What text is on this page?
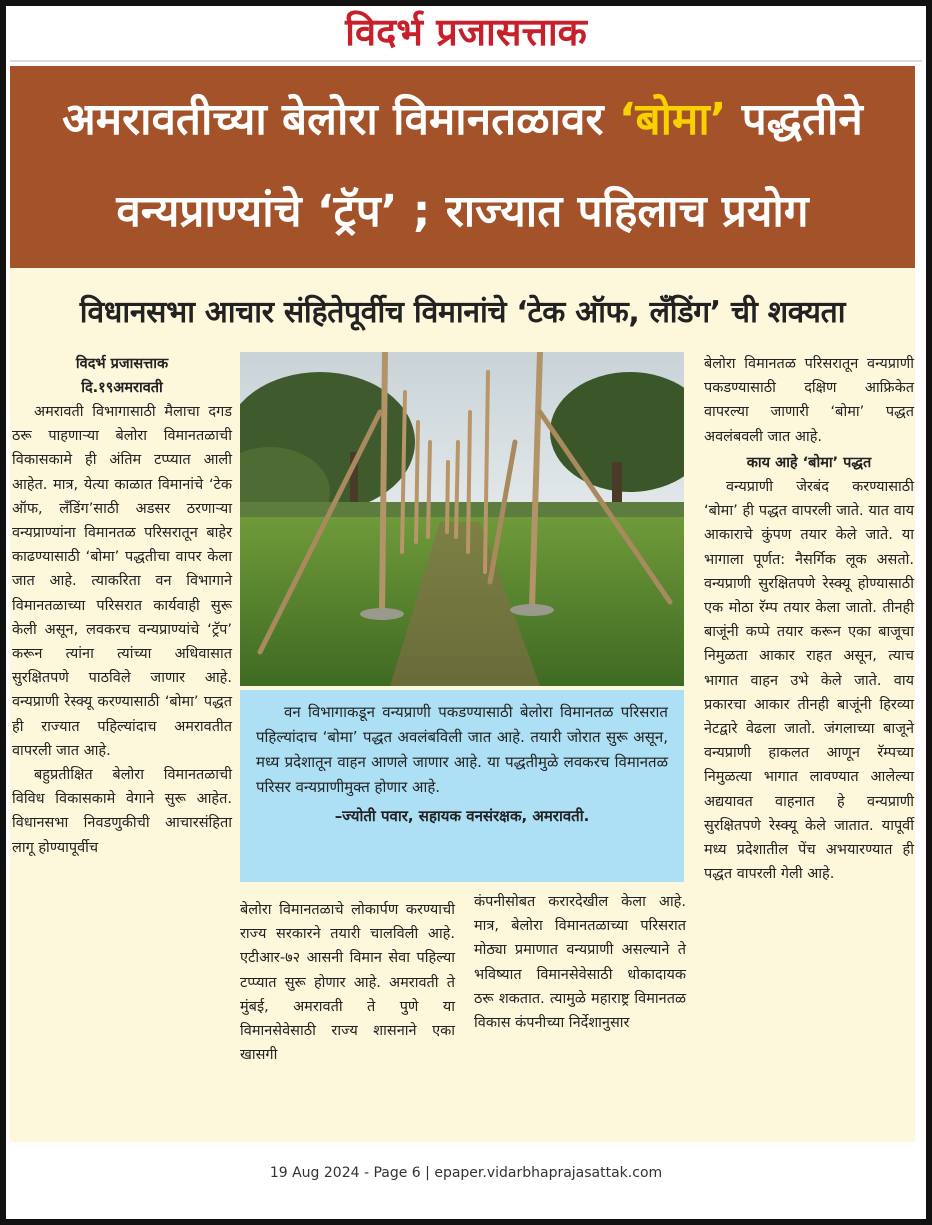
विदर्भ प्रजासत्ताक
अमरावतीच्या बेलोरा विमानतळावर ‘बोमा’ पद्धतीने
वन्यप्राण्यांचे ‘ट्रॅप’ ; राज्यात पहिलाच प्रयोग
विधानसभा आचार संहितेपूर्वीच विमानांचे ‘टेक ऑफ, लँडिंग’ ची शक्यता

विदर्भ प्रजासत्ताक

दि.१९अमरावती

अमरावती विभागासाठी मैलाचा दगड ठरू पाहणाऱ्या बेलोरा विमानतळाची विकासकामे ही अंतिम टप्प्यात आली आहेत. मात्र, येत्या काळात विमानांचे ‘टेक ऑफ, लँडिंग’साठी अडसर ठरणाऱ्या वन्यप्राण्यांना विमानतळ परिसरातून बाहेर काढण्यासाठी ‘बोमा’ पद्धतीचा वापर केला जात आहे. त्याकरिता वन विभागाने विमानतळाच्या परिसरात कार्यवाही सुरू केली असून, लवकरच वन्यप्राण्यांचे ‘ट्रॅप’ करून त्यांना त्यांच्या अधिवासात सुरक्षितपणे पाठविले जाणार आहे. वन्यप्राणी रेस्क्यू करण्यासाठी ‘बोमा’ पद्धत ही राज्यात पहिल्यांदाच अमरावतीत वापरली जात आहे.

बहुप्रतीक्षित बेलोरा विमानतळाची विविध विकासकामे वेगाने सुरू आहेत. विधानसभा निवडणुकीची आचारसंहिता लागू होण्यापूर्वीच

वन विभागाकडून वन्यप्राणी पकडण्यासाठी बेलोरा विमानतळ परिसरात पहिल्यांदाच ‘बोमा’ पद्धत अवलंबविली जात आहे. तयारी जोरात सुरू असून, मध्य प्रदेशातून वाहन आणले जाणार आहे. या पद्धतीमुळे लवकरच विमानतळ परिसर वन्यप्राणीमुक्त होणार आहे.

–ज्योती पवार, सहायक वनसंरक्षक, अमरावती.

बेलोरा विमानतळाचे लोकार्पण करण्याची राज्य सरकारने तयारी चालविली आहे. एटीआर-७२ आसनी विमान सेवा पहिल्या टप्प्यात सुरू होणार आहे. अमरावती ते मुंबई, अमरावती ते पुणे या विमानसेवेसाठी राज्य शासनाने एका खासगी

कंपनीसोबत करारदेखील केला आहे. मात्र, बेलोरा विमानतळाच्या परिसरात मोठ्या प्रमाणात वन्यप्राणी असल्याने ते भविष्यात विमानसेवेसाठी धोकादायक ठरू शकतात. त्यामुळे महाराष्ट्र विमानतळ विकास कंपनीच्या निर्देशानुसार

बेलोरा विमानतळ परिसरातून वन्यप्राणी पकडण्यासाठी दक्षिण आफ्रिकेत वापरल्या जाणारी ‘बोमा’ पद्धत अवलंबवली जात आहे.

काय आहे ‘बोमा’ पद्धत

वन्यप्राणी जेरबंद करण्यासाठी ‘बोमा’ ही पद्धत वापरली जाते. यात वाय आकाराचे कुंपण तयार केले जाते. या भागाला पूर्णत: नैसर्गिक लूक असतो. वन्यप्राणी सुरक्षितपणे रेस्क्यू होण्यासाठी एक मोठा रॅम्प तयार केला जातो. तीनही बाजूंनी कप्पे तयार करून एका बाजूचा निमुळता आकार राहत असून, त्याच भागात वाहन उभे केले जाते. वाय प्रकारचा आकार तीनही बाजूंनी हिरव्या नेटद्वारे वेढला जातो. जंगलाच्या बाजूने वन्यप्राणी हाकलत आणून रॅम्पच्या निमुळत्या भागात लावण्यात आलेल्या अद्ययावत वाहनात हे वन्यप्राणी सुरक्षितपणे रेस्क्यू केले जातात. यापूर्वी मध्य प्रदेशातील पेंच अभयारण्यात ही पद्धत वापरली गेली आहे.

19 Aug 2024 - Page 6 | epaper.vidarbhaprajasattak.com
